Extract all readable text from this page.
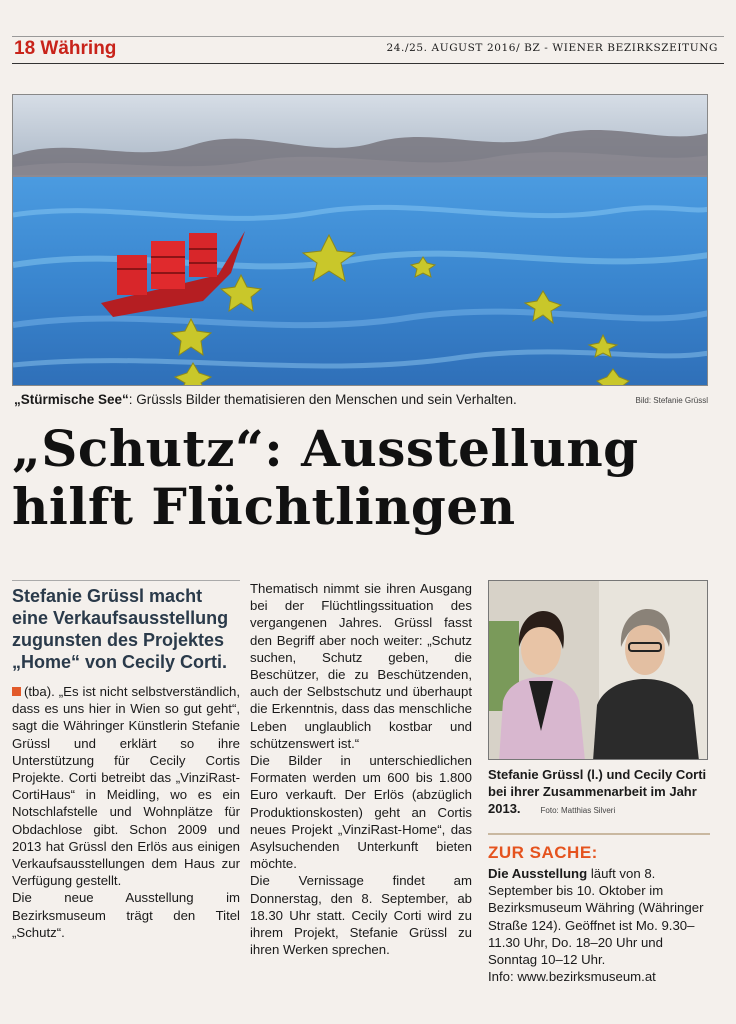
18 Währing	24./25. AUGUST 2016/ BZ - WIENER BEZIRKSZEITUNG
„Stürmische See“: Grüssls Bilder thematisieren den Menschen und sein Verhalten.	Bild: Stefanie Grüssl
„Schutz“: Ausstellung
hilft Flüchtlingen
Stefanie Grüssl macht eine Verkaufsausstellung zugunsten des Projektes „Home“ von Cecily Corti.

(tba). „Es ist nicht selbstverständlich, dass es uns hier in Wien so gut geht“, sagt die Währinger Künstlerin Stefanie Grüssl und erklärt so ihre Unterstützung für Cecily Cortis Projekte. Corti betreibt das „VinziRast-CortiHaus“ in Meidling, wo es ein Notschlafstelle und Wohnplätze für Obdachlose gibt. Schon 2009 und 2013 hat Grüssl den Erlös aus einigen Verkaufsausstellungen dem Haus zur Verfügung gestellt.

Die neue Ausstellung im Bezirksmuseum trägt den Titel „Schutz“.

Thematisch nimmt sie ihren Ausgang bei der Flüchtlingssituation des vergangenen Jahres. Grüssl fasst den Begriff aber noch weiter: „Schutz suchen, Schutz geben, die Beschützer, die zu Beschützenden, auch der Selbstschutz und überhaupt die Erkenntnis, dass das menschliche Leben unglaublich kostbar und schützenswert ist.“

Die Bilder in unterschiedlichen Formaten werden um 600 bis 1.800 Euro verkauft. Der Erlös (abzüglich Produktionskosten) geht an Cortis neues Projekt „VinziRast-Home“, das Asylsuchenden Unterkunft bieten möchte.

Die Vernissage findet am Donnerstag, den 8. September, ab 18.30 Uhr statt. Cecily Corti wird zu ihrem Projekt, Stefanie Grüssl zu ihren Werken sprechen.

Stefanie Grüssl (l.) und Cecily Corti bei ihrer Zusammenarbeit im Jahr 2013.	Foto: Matthias Silveri
ZUR SACHE:
Die Ausstellung läuft von 8. September bis 10. Oktober im Bezirksmuseum Währing (Währinger Straße 124). Geöffnet ist Mo. 9.30–11.30 Uhr, Do. 18–20 Uhr und Sonntag 10–12 Uhr.
Info: www.bezirksmuseum.at
